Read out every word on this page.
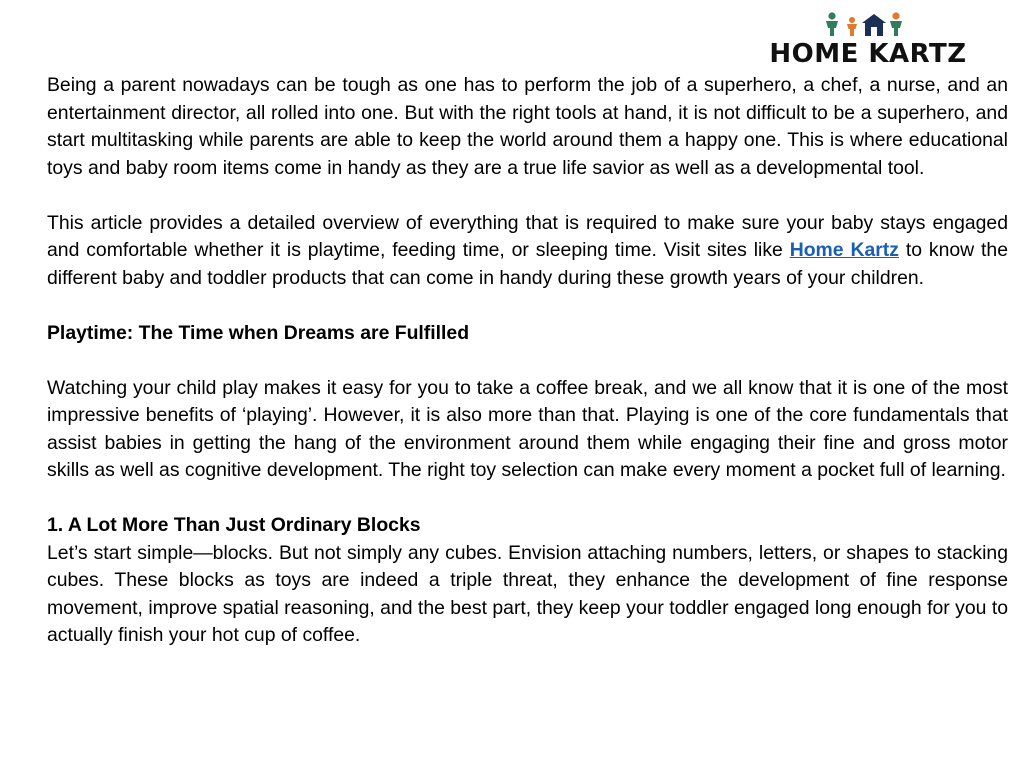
HOME KARTZ

Being a parent nowadays can be tough as one has to perform the job of a superhero, a chef, a nurse, and an entertainment director, all rolled into one. But with the right tools at hand, it is not difficult to be a superhero, and start multitasking while parents are able to keep the world around them a happy one. This is where educational toys and baby room items come in handy as they are a true life savior as well as a developmental tool.

This article provides a detailed overview of everything that is required to make sure your baby stays engaged and comfortable whether it is playtime, feeding time, or sleeping time. Visit sites like Home Kartz to know the different baby and toddler products that can come in handy during these growth years of your children.

Playtime: The Time when Dreams are Fulfilled

Watching your child play makes it easy for you to take a coffee break, and we all know that it is one of the most impressive benefits of ‘playing’. However, it is also more than that. Playing is one of the core fundamentals that assist babies in getting the hang of the environment around them while engaging their fine and gross motor skills as well as cognitive development. The right toy selection can make every moment a pocket full of learning.

1. A Lot More Than Just Ordinary Blocks

Let’s start simple—blocks. But not simply any cubes. Envision attaching numbers, letters, or shapes to stacking cubes. These blocks as toys are indeed a triple threat, they enhance the development of fine response movement, improve spatial reasoning, and the best part, they keep your toddler engaged long enough for you to actually finish your hot cup of coffee.
